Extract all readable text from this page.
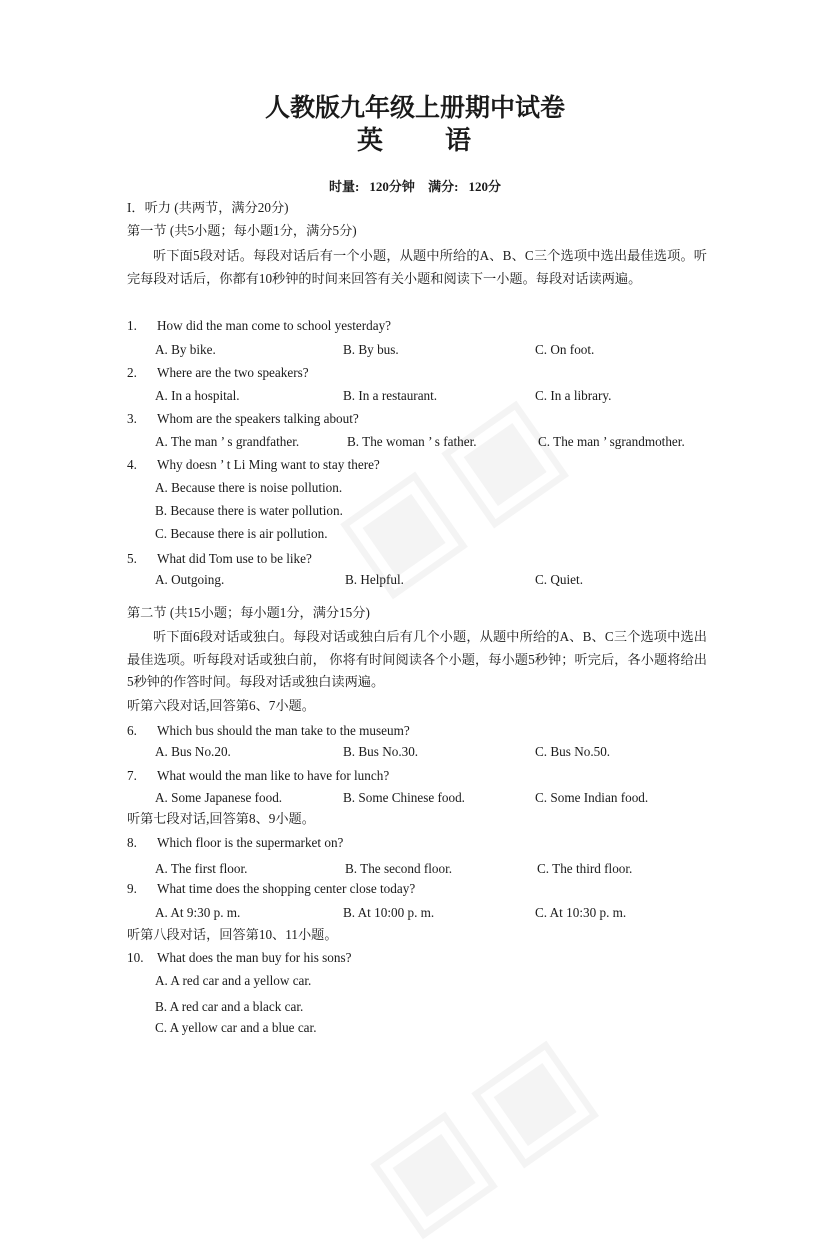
人教版九年级上册期中试卷
英 语
时量: 120分钟 满分: 120分
I．听力 (共两节，满分20分)
第一节 (共5小题；每小题1分，满分5分)
听下面5段对话。每段对话后有一个小题，从题中所给的A、B、C三个选项中选出最佳选项。听完每段对话后，你都有10秒钟的时间来回答有关小题和阅读下一小题。每段对话读两遍。
1. How did the man come to school yesterday?
A. By bike.	B. By bus.	C. On foot.
2. Where are the two speakers?
A. In a hospital.	B. In a restaurant.	C. In a library.
3. Whom are the speakers talking about?
A. The man ’ s grandfather.	B. The woman ’ s father.	C. The man ’ sgrandmother.
4. Why doesn ’ t Li Ming want to stay there?
A. Because there is noise pollution.
B. Because there is water pollution.
C. Because there is air pollution.
5. What did Tom use to be like?
A. Outgoing.	B. Helpful.	C. Quiet.
第二节 (共15小题；每小题1分，满分15分)
听下面6段对话或独白。每段对话或独白后有几个小题，从题中所给的A、B、C三个选项中选出最佳选项。听每段对话或独白前， 你将有时间阅读各个小题，每小题5秒钟；听完后，各小题将给出5秒钟的作答时间。每段对话或独白读两遍。
听第六段对话,回答第6、7小题。
6. Which bus should the man take to the museum?
A. Bus No.20.	B. Bus No.30.	C. Bus No.50.
7. What would the man like to have for lunch?
A. Some Japanese food.	B. Some Chinese food.	C. Some Indian food.
听第七段对话,回答第8、9小题。
8. Which floor is the supermarket on?
A. The first floor.	B. The second floor.	C. The third floor.
9. What time does the shopping center close today?
A. At 9:30 p. m.	B. At 10:00 p. m.	C. At 10:30 p. m.
听第八段对话，回答第10、11小题。
10. What does the man buy for his sons?
A. A red car and a yellow car.
B. A red car and a black car.
C. A yellow car and a blue car.
